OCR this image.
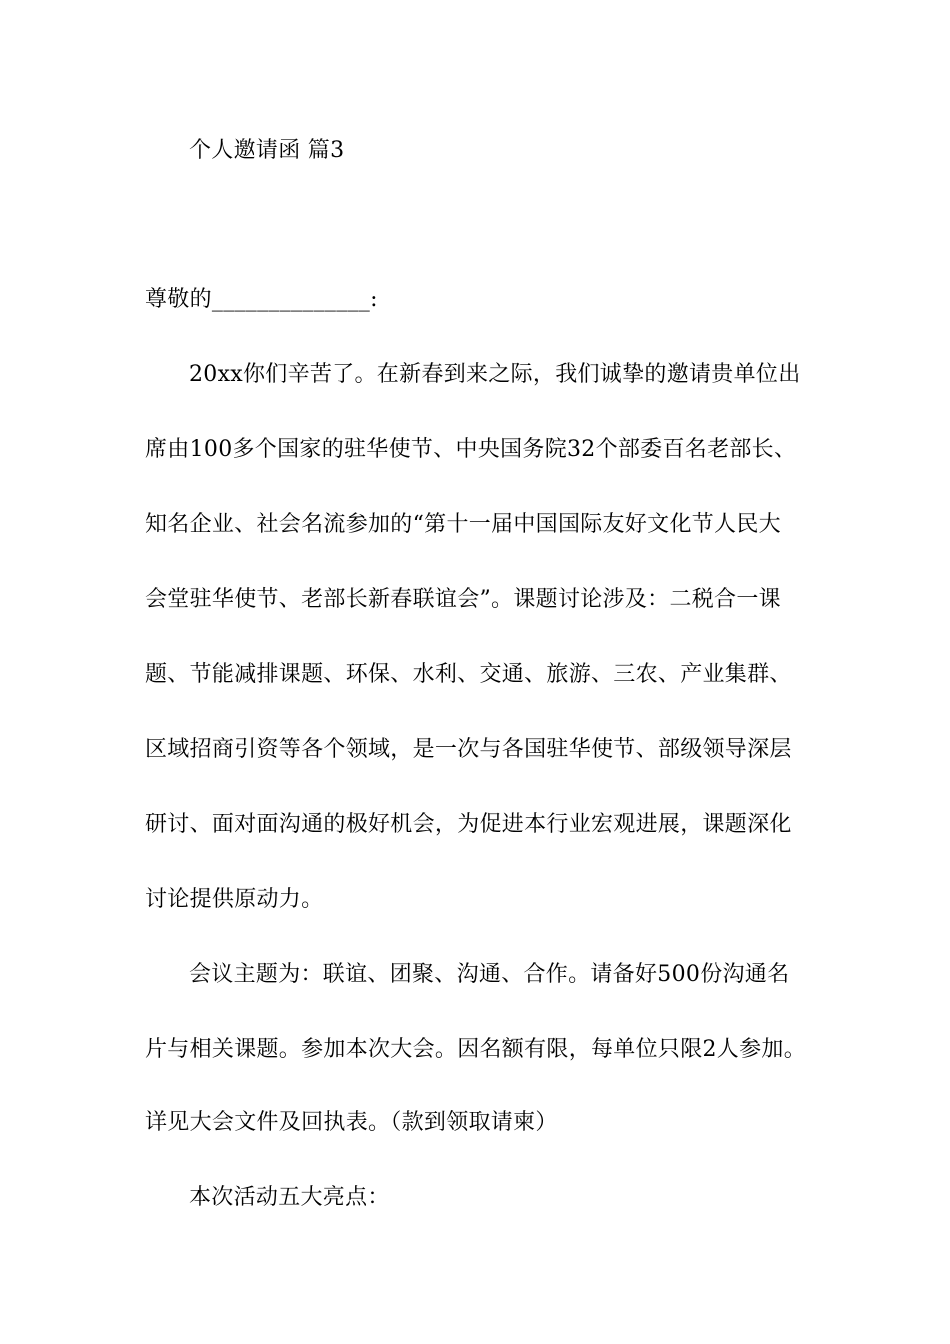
个人邀请函 篇3
尊敬的______________:
20xx你们辛苦了。在新春到来之际，我们诚挚的邀请贵单位出
席由100多个国家的驻华使节、中央国务院32个部委百名老部长、
知名企业、社会名流参加的“第十一届中国国际友好文化节人民大
会堂驻华使节、老部长新春联谊会”。课题讨论涉及：二税合一课
题、节能减排课题、环保、水利、交通、旅游、三农、产业集群、
区域招商引资等各个领域，是一次与各国驻华使节、部级领导深层
研讨、面对面沟通的极好机会，为促进本行业宏观进展，课题深化
讨论提供原动力。
会议主题为：联谊、团聚、沟通、合作。请备好500份沟通名
片与相关课题。参加本次大会。因名额有限，每单位只限2人参加。
详见大会文件及回执表。（款到领取请柬）
本次活动五大亮点：
